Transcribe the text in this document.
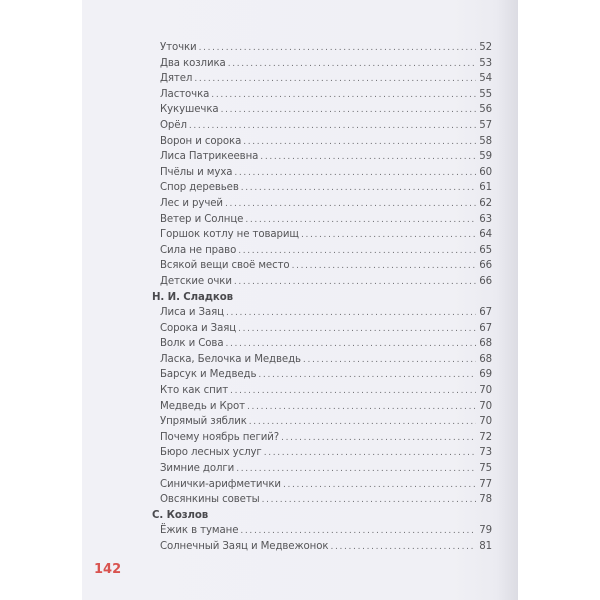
Уточки . . .	52
Два козлика . . .	53
Дятел . . .	54
Ласточка . . .	55
Кукушечка . . .	56
Орёл . . .	57
Ворон и сорока . . .	58
Лиса Патрикеевна . . .	59
Пчёлы и муха . . .	60
Спор деревьев . . .	61
Лес и ручей . . .	62
Ветер и Солнце . . .	63
Горшок котлу не товарищ . . .	64
Сила не право . . .	65
Всякой вещи своё место . . .	66
Детские очки . . .	66
Н. И. Сладков
Лиса и Заяц . . .	67
Сорока и Заяц . . .	67
Волк и Сова . . .	68
Ласка, Белочка и Медведь . . .	68
Барсук и Медведь . . .	69
Кто как спит . . .	70
Медведь и Крот . . .	70
Упрямый зяблик . . .	70
Почему ноябрь пегий? . . .	72
Бюро лесных услуг . . .	73
Зимние долги . . .	75
Синички-арифметички . . .	77
Овсянкины советы . . .	78
С. Козлов
Ёжик в тумане . . .	79
Солнечный Заяц и Медвежонок . . .	81
142
